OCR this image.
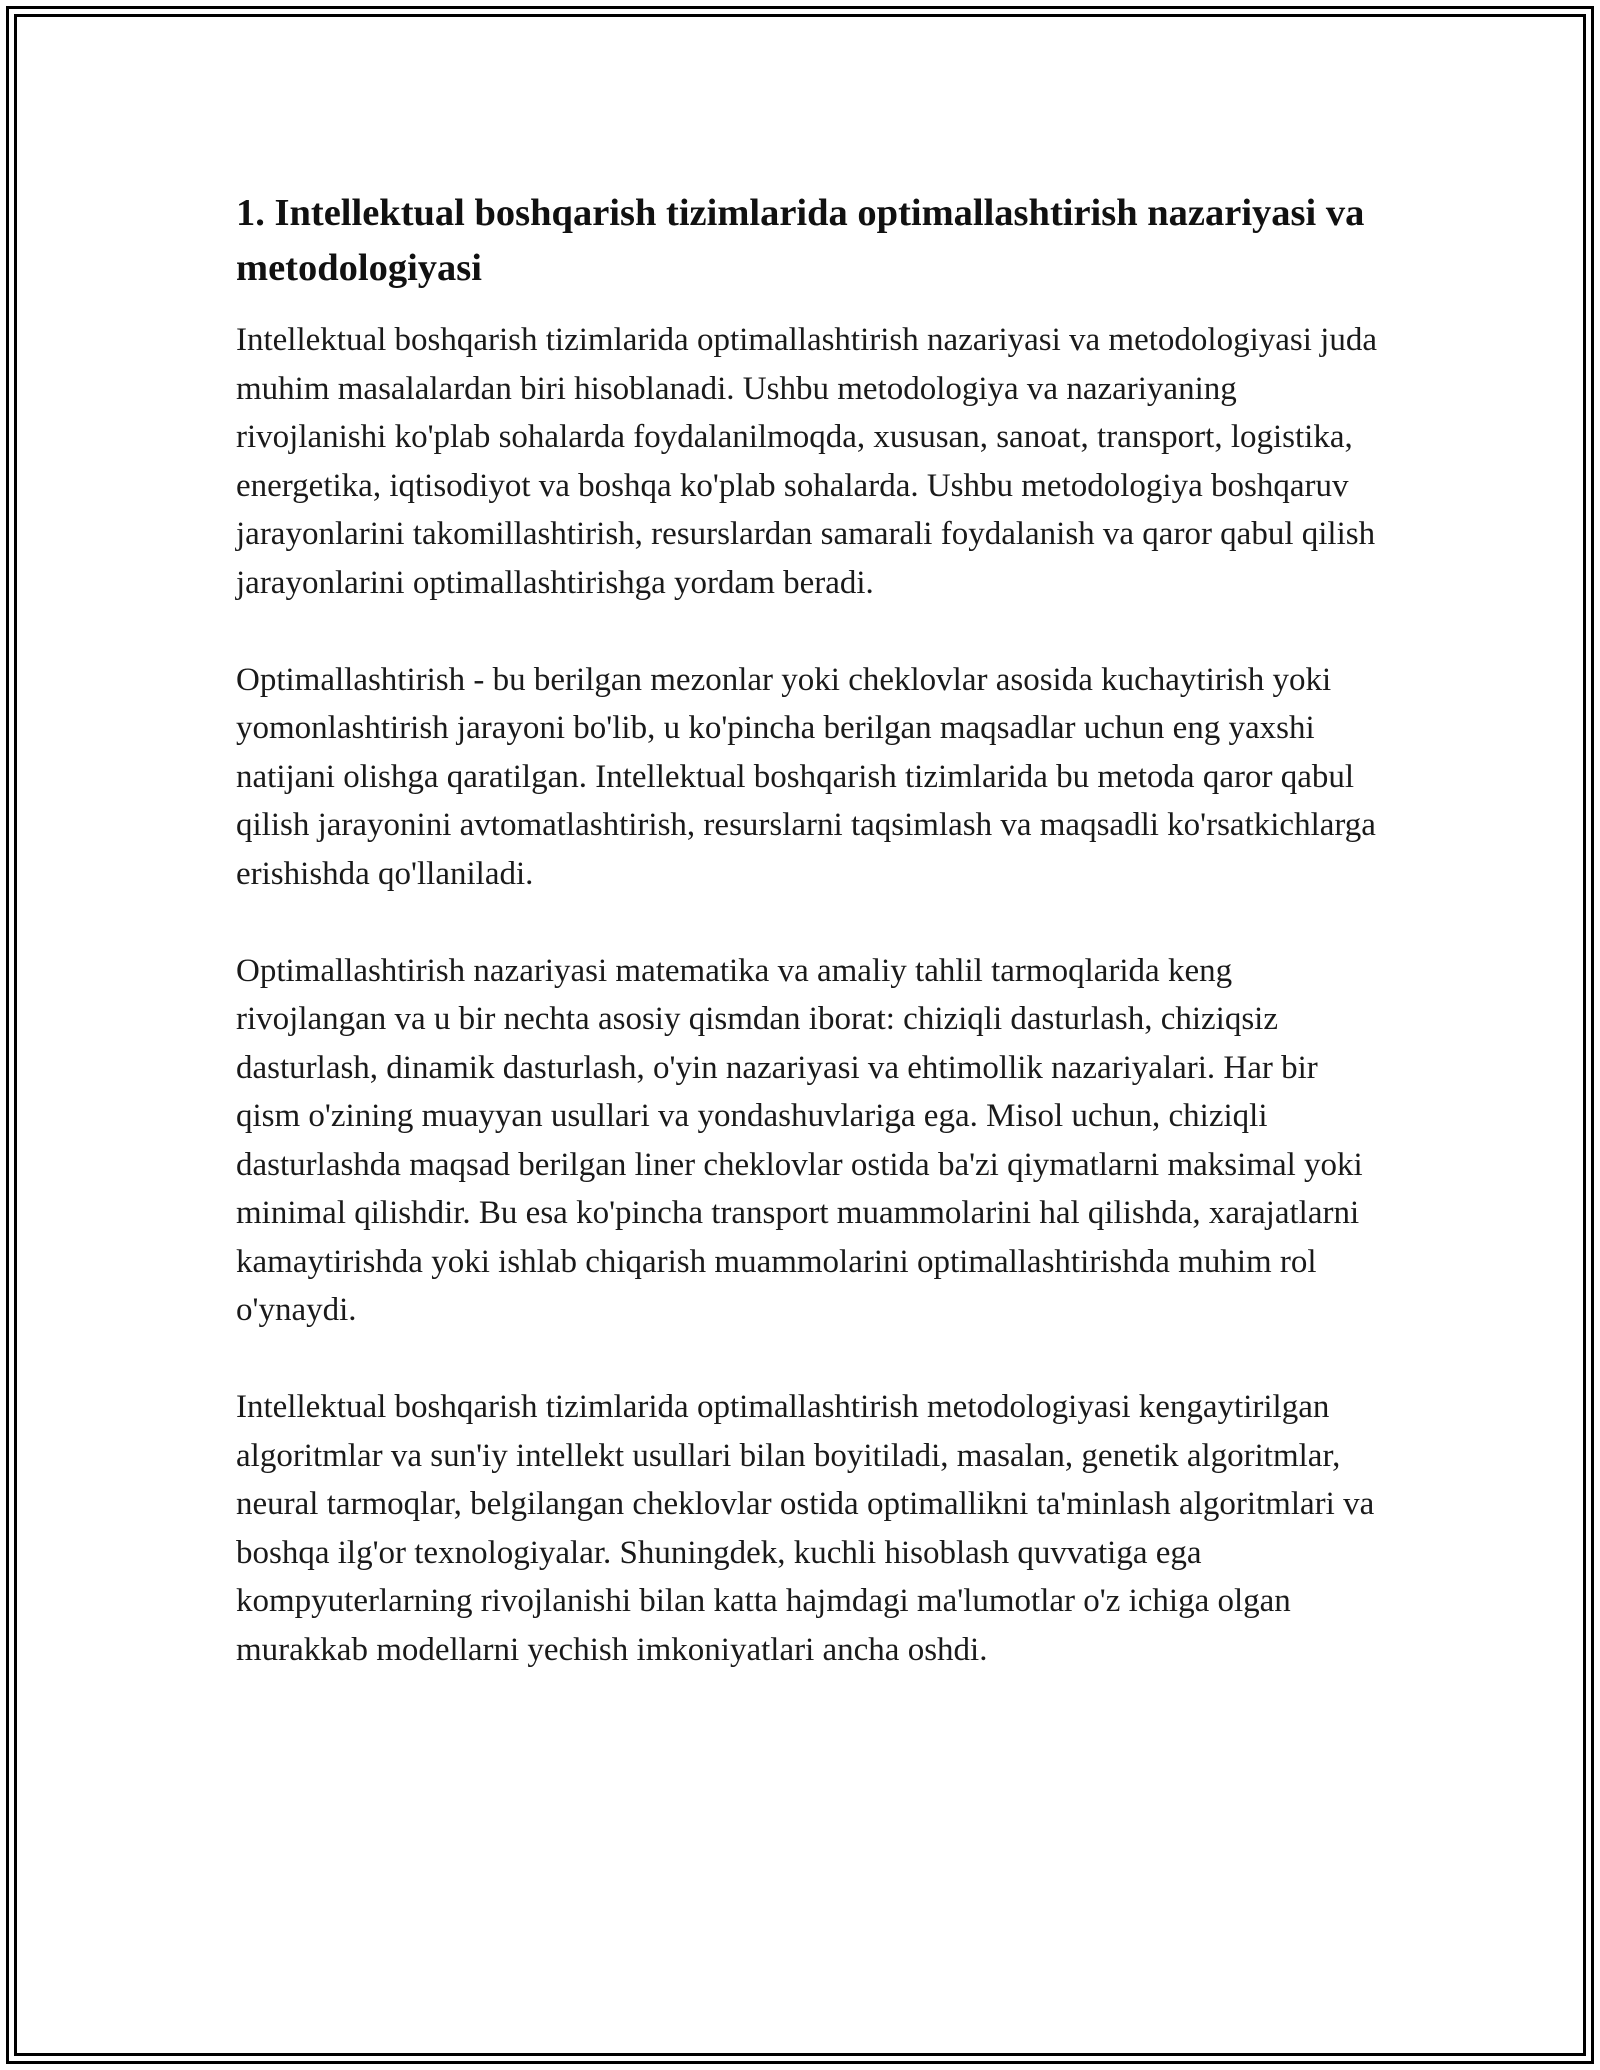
1. Intellektual boshqarish tizimlarida optimallashtirish nazariyasi va metodologiyasi

Intellektual boshqarish tizimlarida optimallashtirish nazariyasi va metodologiyasi juda muhim masalalardan biri hisoblanadi. Ushbu metodologiya va nazariyaning rivojlanishi ko'plab sohalarda foydalanilmoqda, xususan, sanoat, transport, logistika, energetika, iqtisodiyot va boshqa ko'plab sohalarda. Ushbu metodologiya boshqaruv jarayonlarini takomillashtirish, resurslardan samarali foydalanish va qaror qabul qilish jarayonlarini optimallashtirishga yordam beradi.

Optimallashtirish - bu berilgan mezonlar yoki cheklovlar asosida kuchaytirish yoki yomonlashtirish jarayoni bo'lib, u ko'pincha berilgan maqsadlar uchun eng yaxshi natijani olishga qaratilgan. Intellektual boshqarish tizimlarida bu metoda qaror qabul qilish jarayonini avtomatlashtirish, resurslarni taqsimlash va maqsadli ko'rsatkichlarga erishishda qo'llaniladi.

Optimallashtirish nazariyasi matematika va amaliy tahlil tarmoqlarida keng rivojlangan va u bir nechta asosiy qismdan iborat: chiziqli dasturlash, chiziqsiz dasturlash, dinamik dasturlash, o'yin nazariyasi va ehtimollik nazariyalari. Har bir qism o'zining muayyan usullari va yondashuvlariga ega. Misol uchun, chiziqli dasturlashda maqsad berilgan liner cheklovlar ostida ba'zi qiymatlarni maksimal yoki minimal qilishdir. Bu esa ko'pincha transport muammolarini hal qilishda, xarajatlarni kamaytirishda yoki ishlab chiqarish muammolarini optimallashtirishda muhim rol o'ynaydi.

Intellektual boshqarish tizimlarida optimallashtirish metodologiyasi kengaytirilgan algoritmlar va sun'iy intellekt usullari bilan boyitiladi, masalan, genetik algoritmlar, neural tarmoqlar, belgilangan cheklovlar ostida optimallikni ta'minlash algoritmlari va boshqa ilg'or texnologiyalar. Shuningdek, kuchli hisoblash quvvatiga ega kompyuterlarning rivojlanishi bilan katta hajmdagi ma'lumotlar o'z ichiga olgan murakkab modellarni yechish imkoniyatlari ancha oshdi.
